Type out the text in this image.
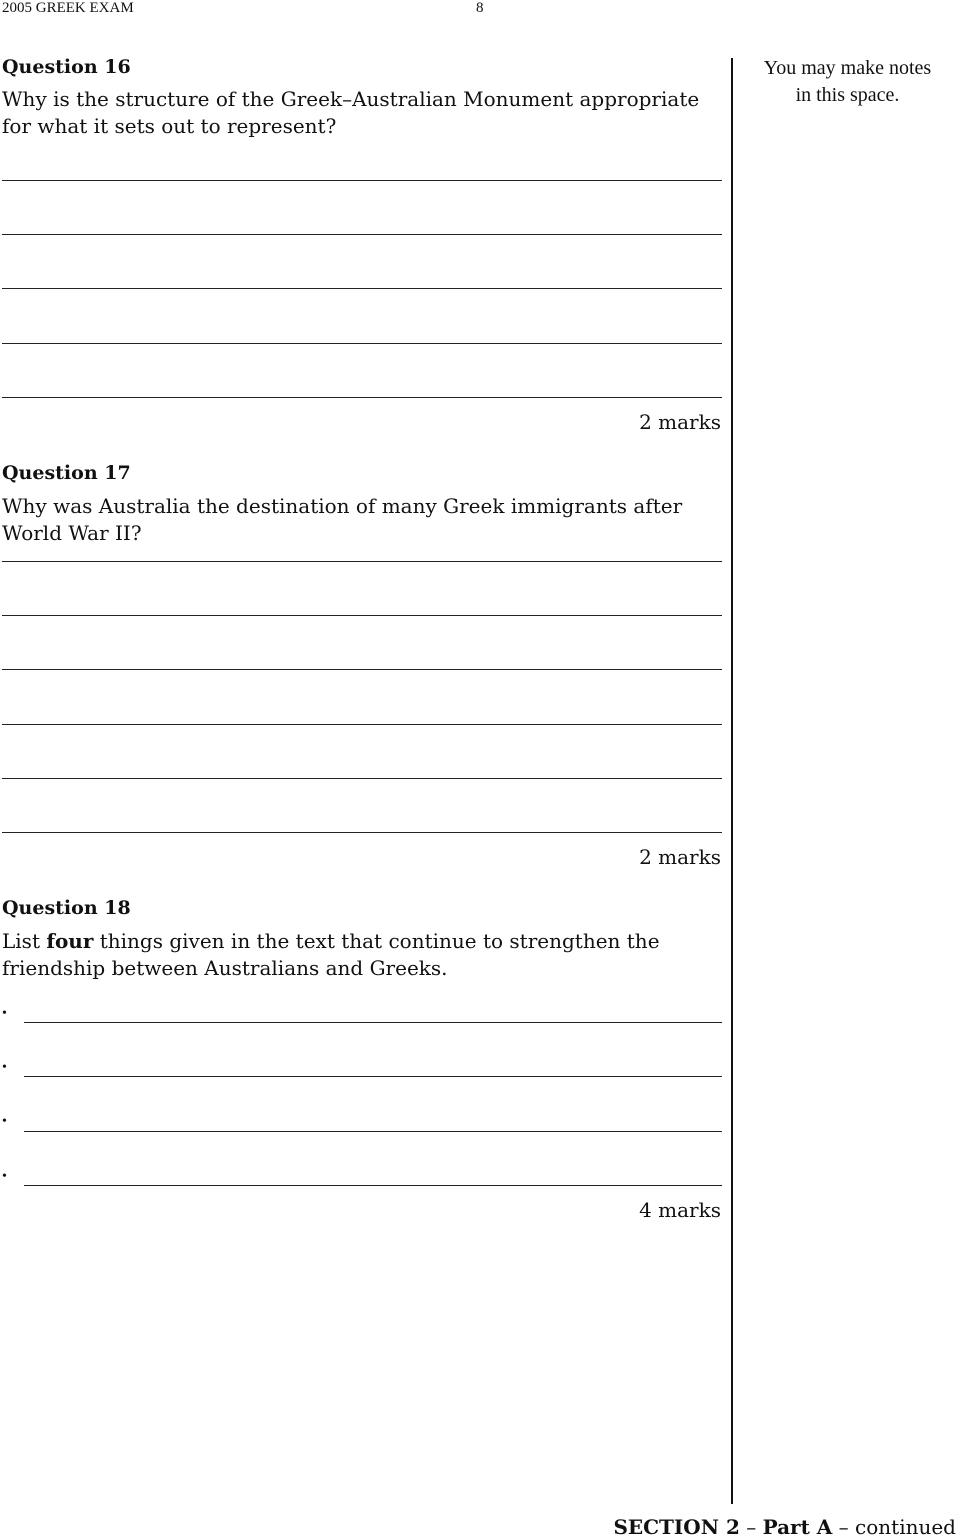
2005 GREEK EXAM	8
You may make notes
in this space.
Question 16
Why is the structure of the Greek–Australian Monument appropriate for what it sets out to represent?
2 marks
Question 17
Why was Australia the destination of many Greek immigrants after World War II?
2 marks
Question 18
List four things given in the text that continue to strengthen the friendship between Australians and Greeks.
•
•
•
•
4 marks
SECTION 2 – Part A – continued
